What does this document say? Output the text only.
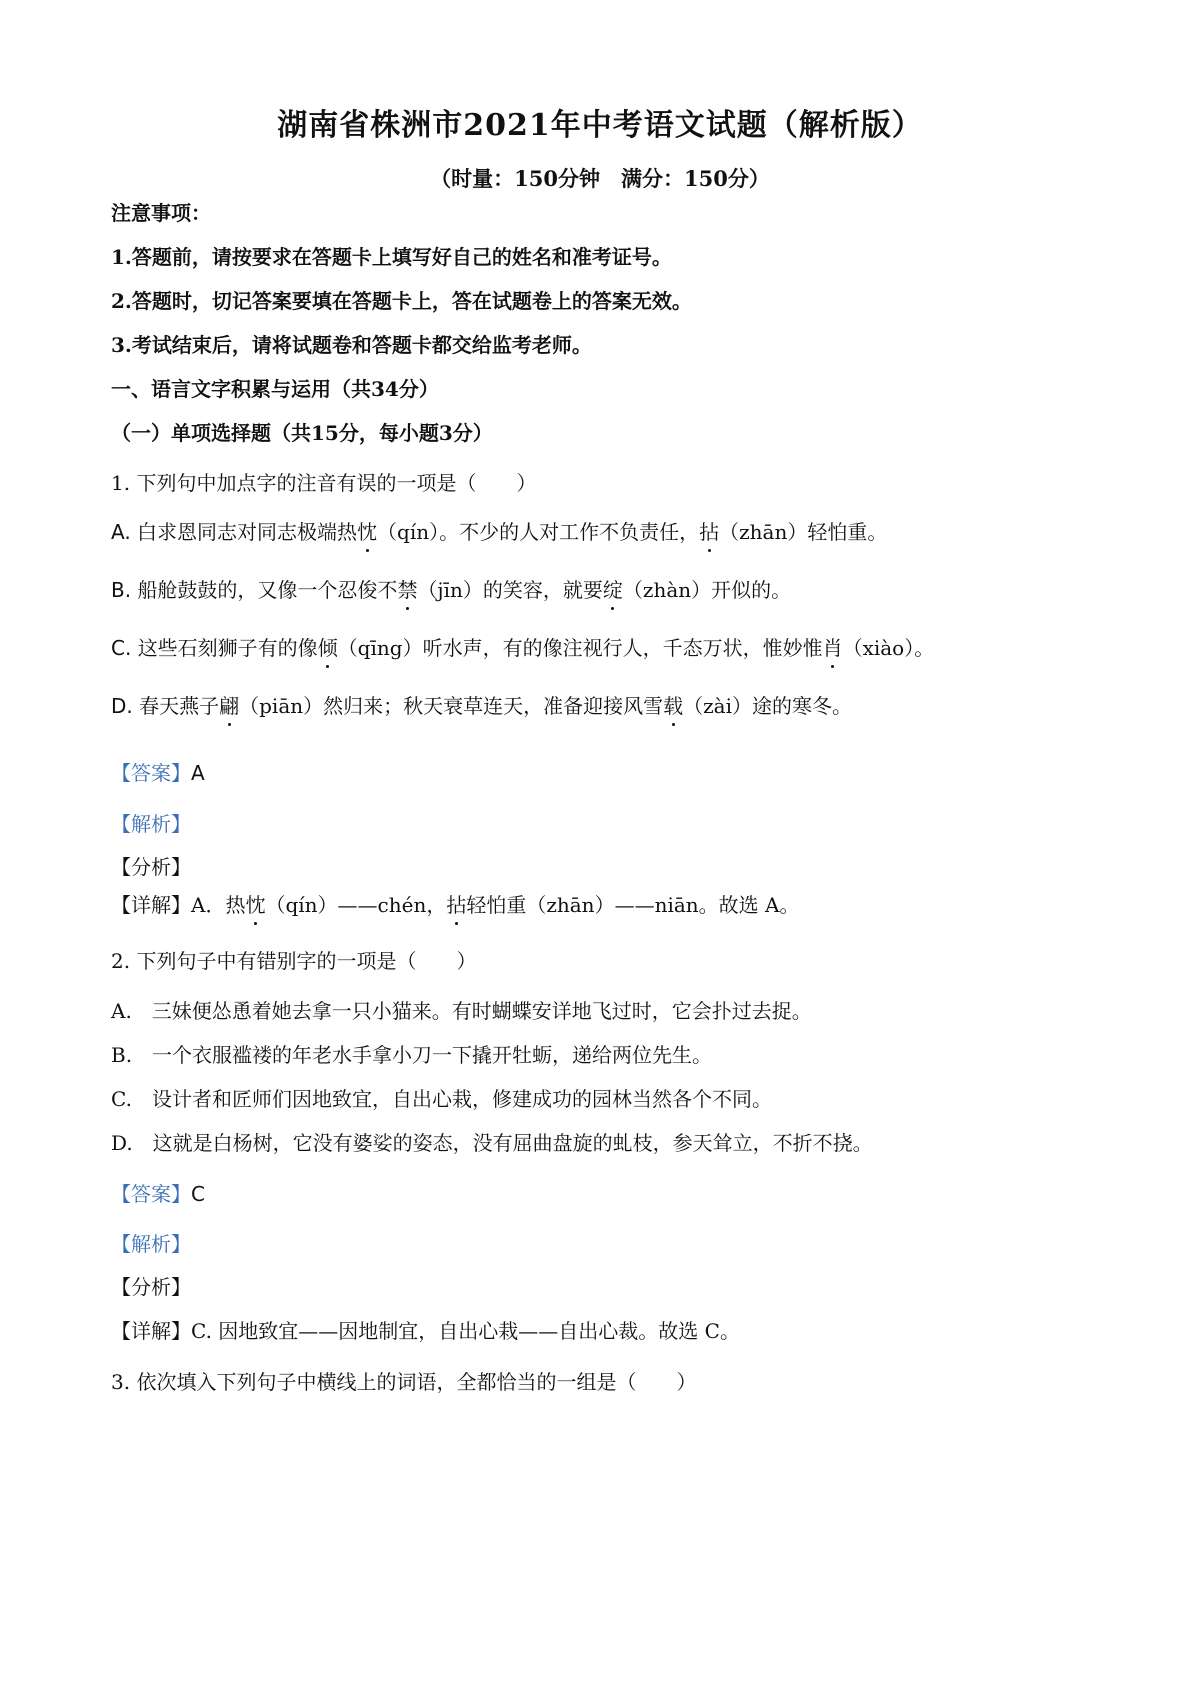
湖南省株洲市2021年中考语文试题（解析版）
（时量：150分钟　满分：150分）
注意事项：
1.答题前，请按要求在答题卡上填写好自己的姓名和准考证号。
2.答题时，切记答案要填在答题卡上，答在试题卷上的答案无效。
3.考试结束后，请将试题卷和答题卡都交给监考老师。
一、语言文字积累与运用（共34分）
（一）单项选择题（共15分，每小题3分）
1. 下列句中加点字的注音有误的一项是（　　）
A. 白求恩同志对同志极端热忱（qín）。不少的人对工作不负责任，拈（zhān）轻怕重。
B. 船舱鼓鼓的，又像一个忍俊不禁（jīn）的笑容，就要绽（zhàn）开似的。
C. 这些石刻狮子有的像倾（qīng）听水声，有的像注视行人，千态万状，惟妙惟肖（xiào）。
D. 春天燕子翩（piān）然归来；秋天衰草连天，准备迎接风雪载（zài）途的寒冬。
【答案】A
【解析】
【分析】
【详解】A．热忱（qín）——chén，拈轻怕重（zhān）——niān。故选 A。
2. 下列句子中有错别字的一项是（　　）
A.　三妹便怂恿着她去拿一只小猫来。有时蝴蝶安详地飞过时，它会扑过去捉。
B.　一个衣服褴褛的年老水手拿小刀一下撬开牡蛎，递给两位先生。
C.　设计者和匠师们因地致宜，自出心栽，修建成功的园林当然各个不同。
D.　这就是白杨树，它没有婆娑的姿态，没有屈曲盘旋的虬枝，参天耸立，不折不挠。
【答案】C
【解析】
【分析】
【详解】C. 因地致宜——因地制宜，自出心栽——自出心裁。故选 C。
3. 依次填入下列句子中横线上的词语，全都恰当的一组是（　　）
